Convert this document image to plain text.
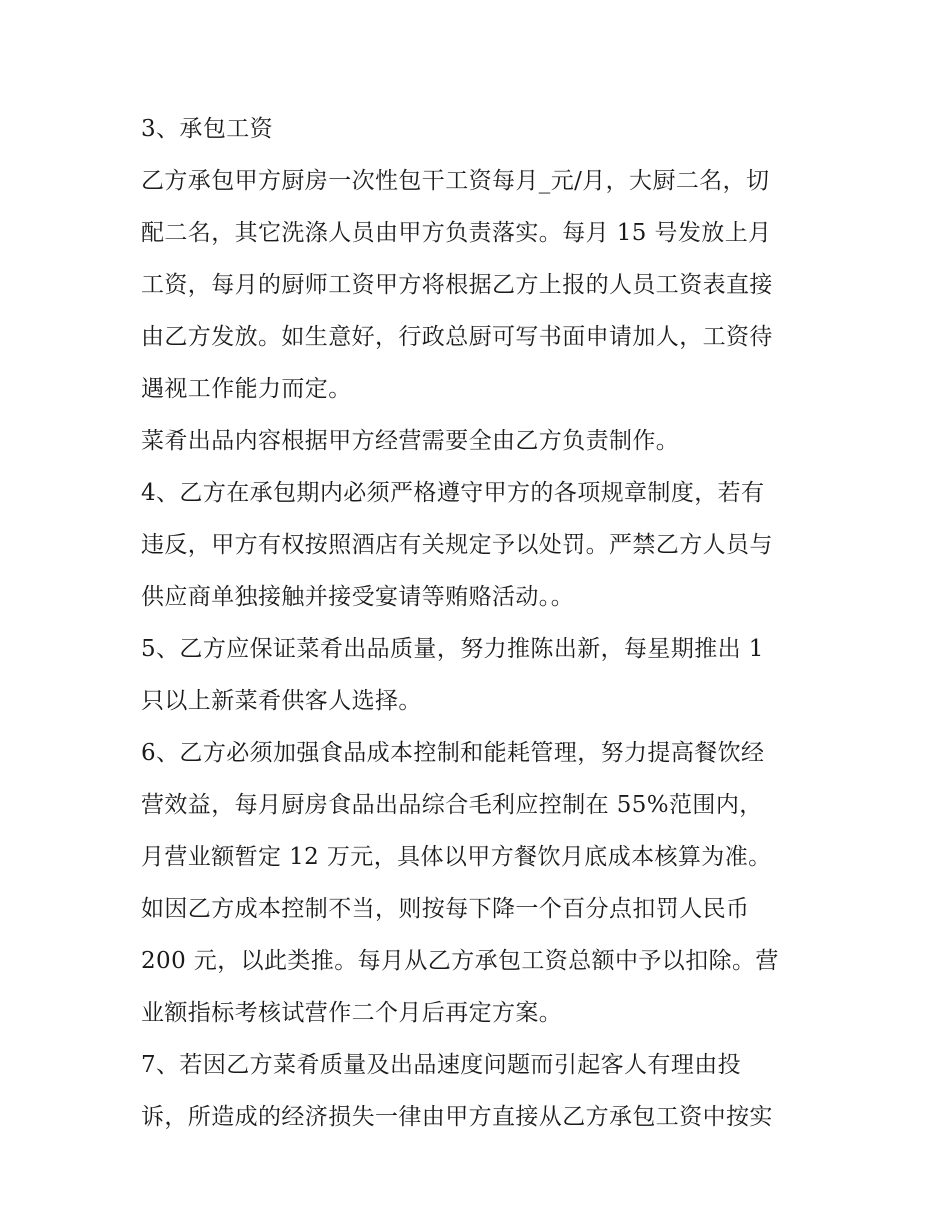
3、承包工资

乙方承包甲方厨房一次性包干工资每月_元/月，大厨二名，切

配二名，其它洗涤人员由甲方负责落实。每月 15 号发放上月

工资，每月的厨师工资甲方将根据乙方上报的人员工资表直接

由乙方发放。如生意好，行政总厨可写书面申请加人，工资待

遇视工作能力而定。

菜肴出品内容根据甲方经营需要全由乙方负责制作。

4、乙方在承包期内必须严格遵守甲方的各项规章制度，若有

违反，甲方有权按照酒店有关规定予以处罚。严禁乙方人员与

供应商单独接触并接受宴请等贿赂活动。。

5、乙方应保证菜肴出品质量，努力推陈出新，每星期推出 1

只以上新菜肴供客人选择。

6、乙方必须加强食品成本控制和能耗管理，努力提高餐饮经

营效益，每月厨房食品出品综合毛利应控制在 55%范围内，

月营业额暂定 12 万元，具体以甲方餐饮月底成本核算为准。

如因乙方成本控制不当，则按每下降一个百分点扣罚人民币

200 元，以此类推。每月从乙方承包工资总额中予以扣除。营

业额指标考核试营作二个月后再定方案。

7、若因乙方菜肴质量及出品速度问题而引起客人有理由投

诉，所造成的经济损失一律由甲方直接从乙方承包工资中按实
